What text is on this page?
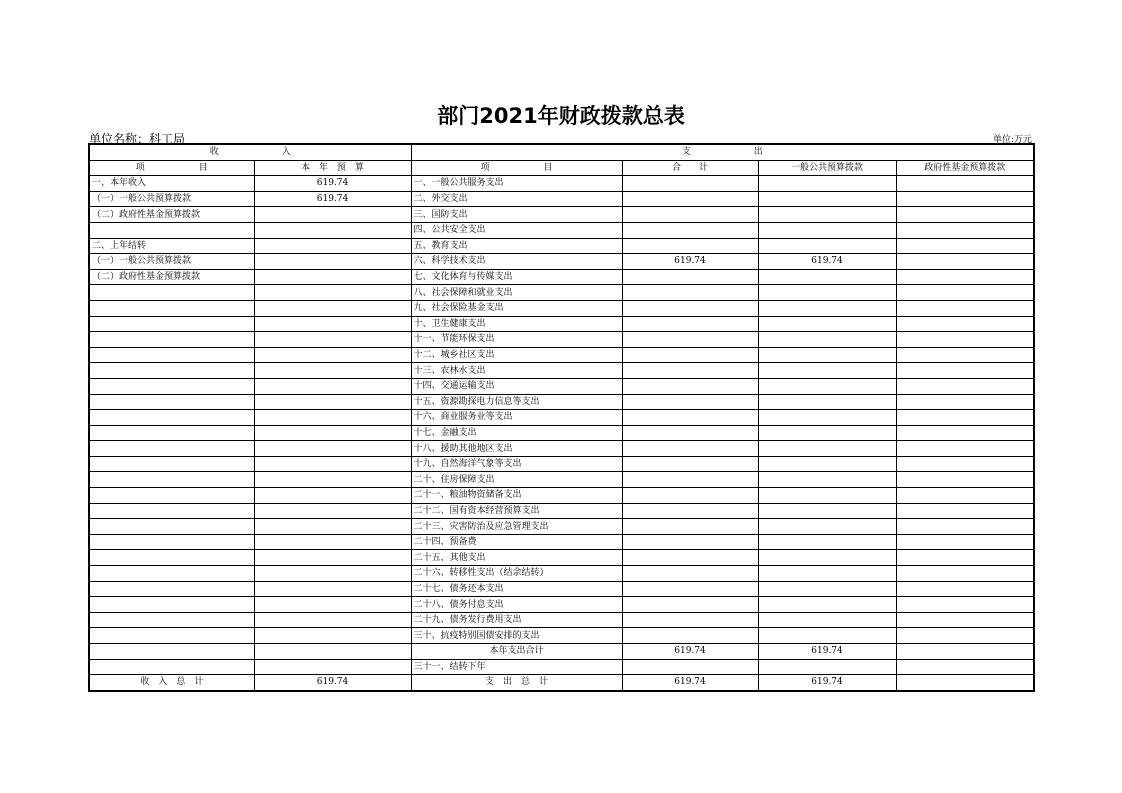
部门2021年财政拨款总表
单位名称：科工局	单位:万元
收　　　　　　　入		支　　　　　　　出			
项　　　　　　目	本　年　预　算	项　　　　　　目	合　　计	一般公共预算拨款	政府性基金预算拨款
一、本年收入	619.74	一、一般公共服务支出			
（一）一般公共预算拨款	619.74	二、外交支出			
（二）政府性基金预算拨款		三、国防支出			
		四、公共安全支出			
二、上年结转		五、教育支出			
（一）一般公共预算拨款		六、科学技术支出	619.74	619.74	
（二）政府性基金预算拨款		七、文化体育与传媒支出			
		八、社会保障和就业支出			
		九、社会保险基金支出			
		十、卫生健康支出			
		十一、节能环保支出			
		十二、城乡社区支出			
		十三、农林水支出			
		十四、交通运输支出			
		十五、资源勘探电力信息等支出			
		十六、商业服务业等支出			
		十七、金融支出			
		十八、援助其他地区支出			
		十九、自然海洋气象等支出			
		二十、住房保障支出			
		二十一、粮油物资储备支出			
		二十二、国有资本经营预算支出			
		二十三、灾害防治及应急管理支出			
		二十四、预备费			
		二十五、其他支出			
		二十六、转移性支出（结余结转）			
		二十七、债务还本支出			
		二十八、债务付息支出			
		二十九、债务发行费用支出			
		三十、抗疫特别国债安排的支出			
		本年支出合计	619.74	619.74	
		三十一、结转下年			
收　入　总　计	619.74	支　出　总　计	619.74	619.74	
